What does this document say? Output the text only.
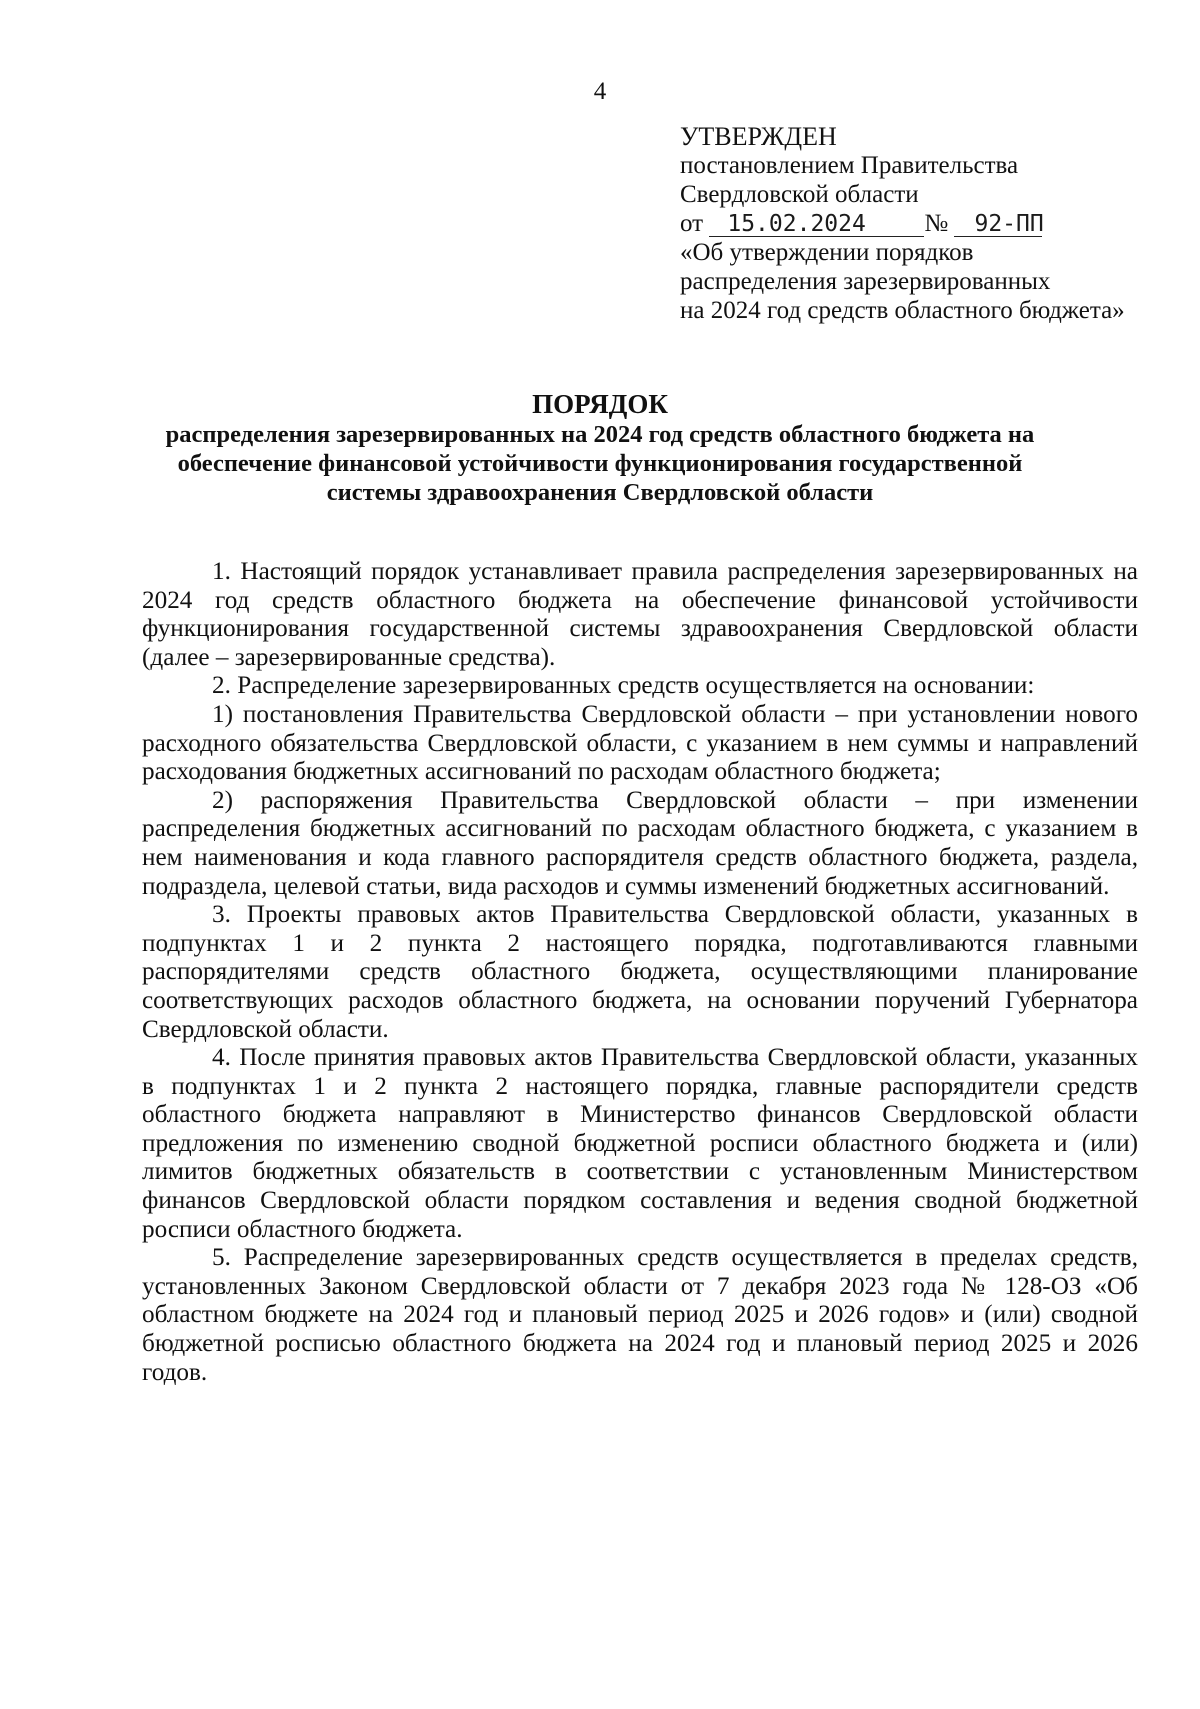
4
УТВЕРЖДЕН
постановлением Правительства
Свердловской области
от 15.02.2024 № 92-ПП
«Об утверждении порядков
распределения зарезервированных
на 2024 год средств областного бюджета»
ПОРЯДОК
распределения зарезервированных на 2024 год средств областного бюджета на обеспечение финансовой устойчивости функционирования государственной системы здравоохранения Свердловской области

1. Настоящий порядок устанавливает правила распределения зарезервированных на 2024 год средств областного бюджета на обеспечение финансовой устойчивости функционирования государственной системы здравоохранения Свердловской области (далее – зарезервированные средства).

2. Распределение зарезервированных средств осуществляется на основании:

1) постановления Правительства Свердловской области – при установлении нового расходного обязательства Свердловской области, с указанием в нем суммы и направлений расходования бюджетных ассигнований по расходам областного бюджета;

2) распоряжения Правительства Свердловской области – при изменении распределения бюджетных ассигнований по расходам областного бюджета, с указанием в нем наименования и кода главного распорядителя средств областного бюджета, раздела, подраздела, целевой статьи, вида расходов и суммы изменений бюджетных ассигнований.

3. Проекты правовых актов Правительства Свердловской области, указанных в подпунктах 1 и 2 пункта 2 настоящего порядка, подготавливаются главными распорядителями средств областного бюджета, осуществляющими планирование соответствующих расходов областного бюджета, на основании поручений Губернатора Свердловской области.

4. После принятия правовых актов Правительства Свердловской области, указанных в подпунктах 1 и 2 пункта 2 настоящего порядка, главные распорядители средств областного бюджета направляют в Министерство финансов Свердловской области предложения по изменению сводной бюджетной росписи областного бюджета и (или) лимитов бюджетных обязательств в соответствии с установленным Министерством финансов Свердловской области порядком составления и ведения сводной бюджетной росписи областного бюджета.

5. Распределение зарезервированных средств осуществляется в пределах средств, установленных Законом Свердловской области от 7 декабря 2023 года № 128-ОЗ «Об областном бюджете на 2024 год и плановый период 2025 и 2026 годов» и (или) сводной бюджетной росписью областного бюджета на 2024 год и плановый период 2025 и 2026 годов.
